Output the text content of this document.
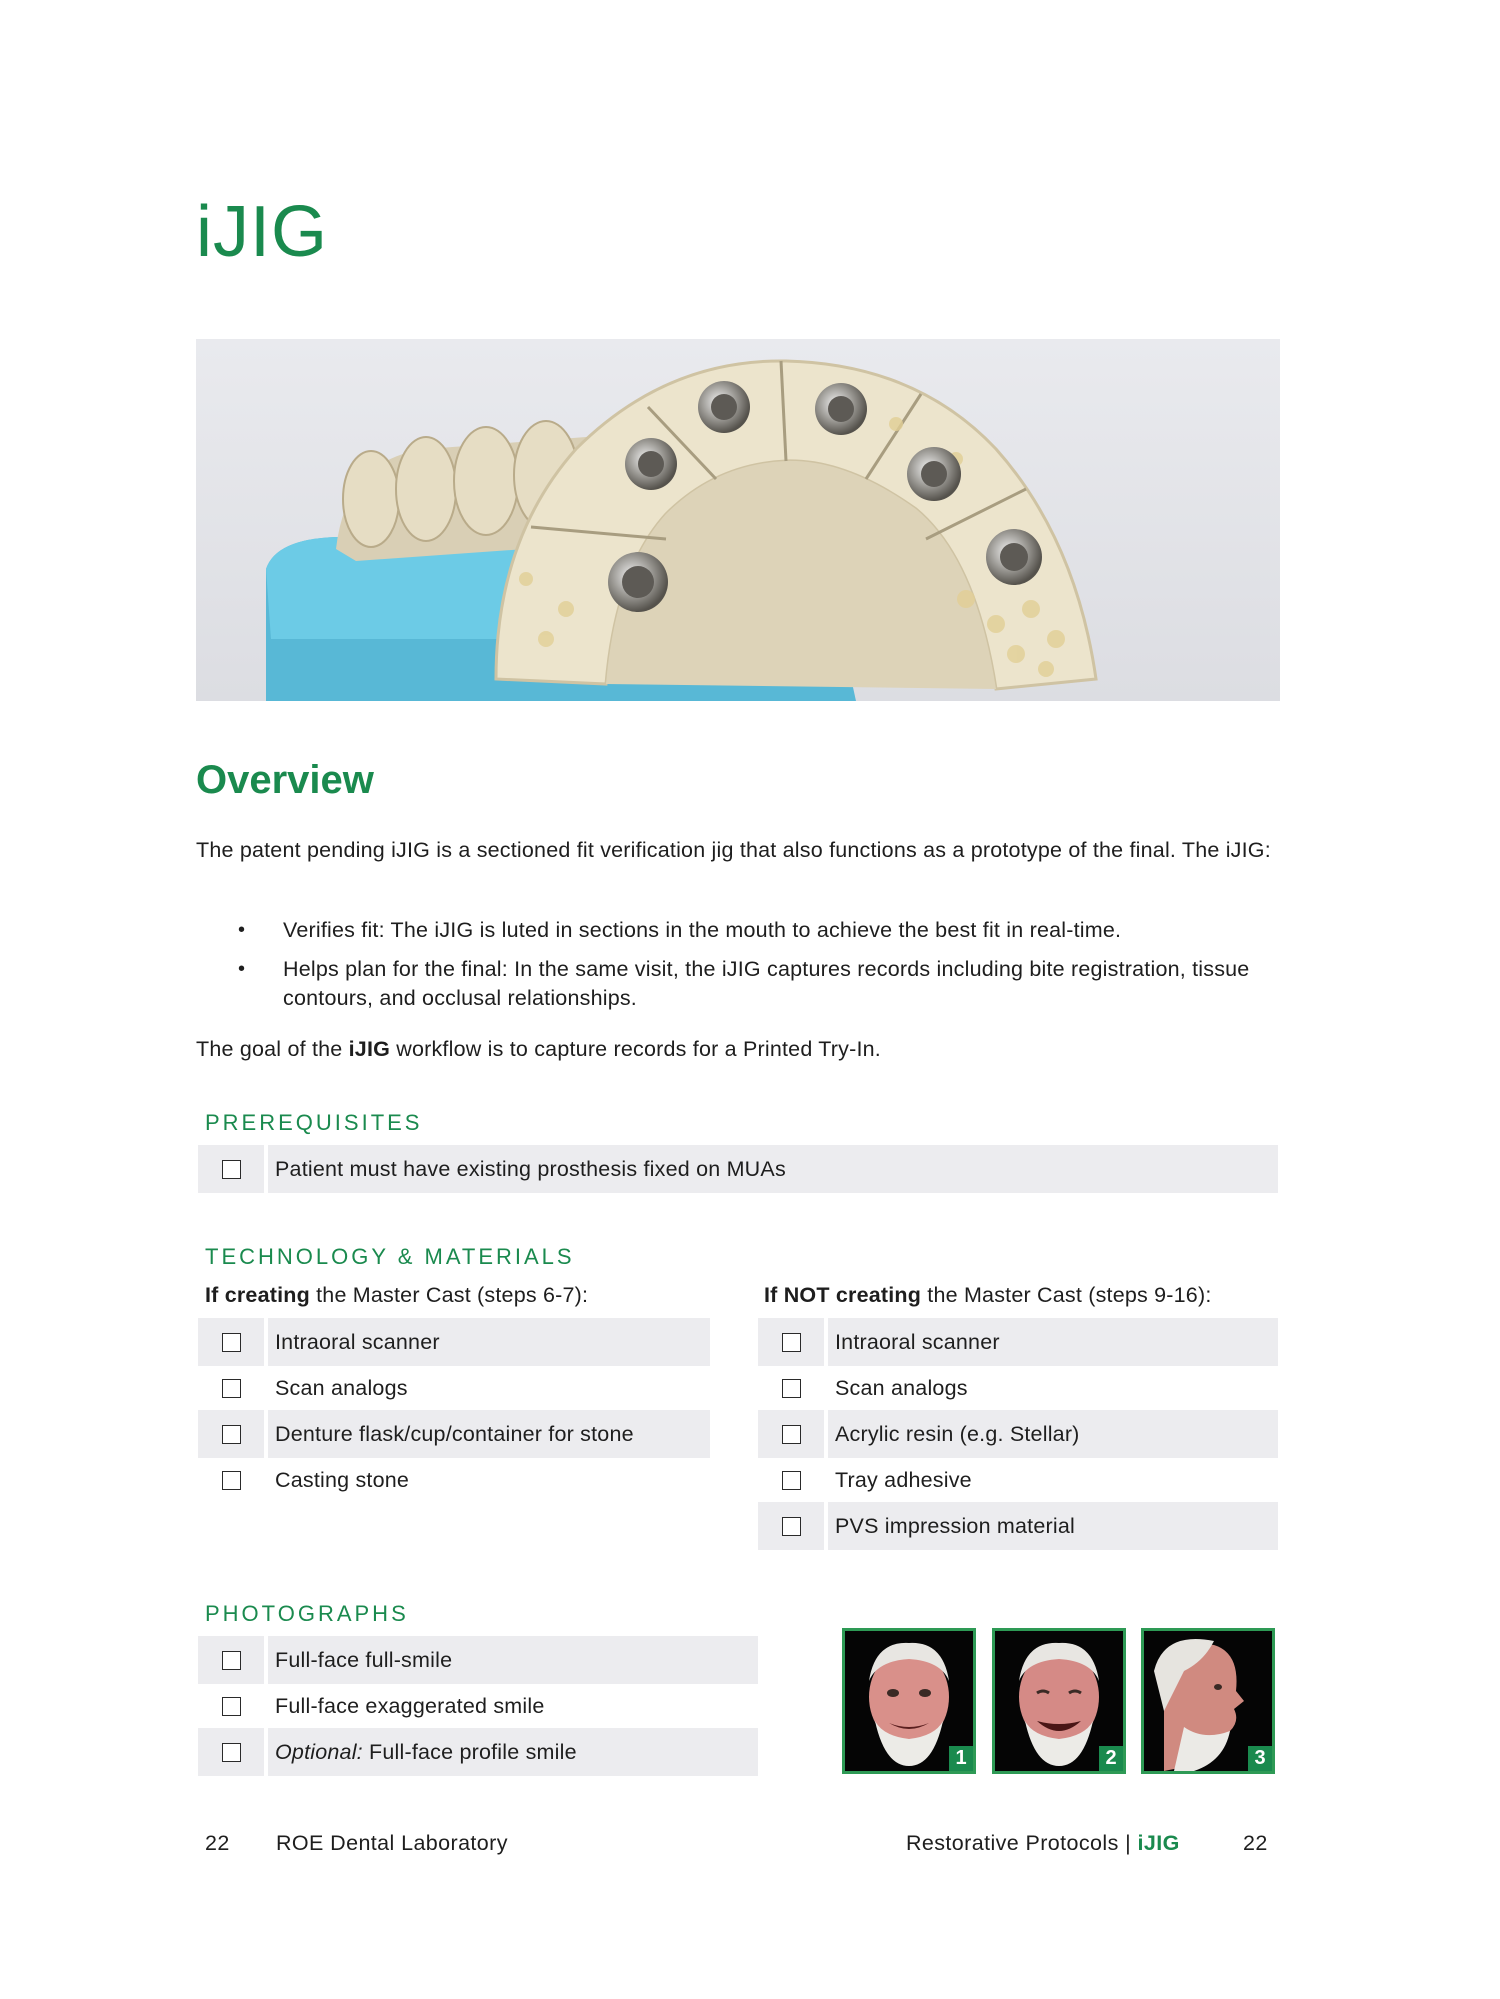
iJIG
Overview

The patent pending iJIG is a sectioned fit verification jig that also functions as a prototype of the final. The iJIG:

• Verifies fit: The iJIG is luted in sections in the mouth to achieve the best fit in real-time.

• Helps plan for the final: In the same visit, the iJIG captures records including bite registration, tissue contours, and occlusal relationships.

The goal of the iJIG workflow is to capture records for a Printed Try-In.

PREREQUISITES

Patient must have existing prosthesis fixed on MUAs

TECHNOLOGY & MATERIALS

If creating the Master Cast (steps 6-7):	If NOT creating the Master Cast (steps 9-16):

Intraoral scanner
Scan analogs
Denture flask/cup/container for stone
Casting stone
Intraoral scanner
Scan analogs
Acrylic resin (e.g. Stellar)
Tray adhesive
PVS impression material

PHOTOGRAPHS

Full-face full-smile
Full-face exaggerated smile
Optional:
Full-face profile smile	1	2	3

22 ROE Dental Laboratory	Restorative Protocols | iJIG	22
